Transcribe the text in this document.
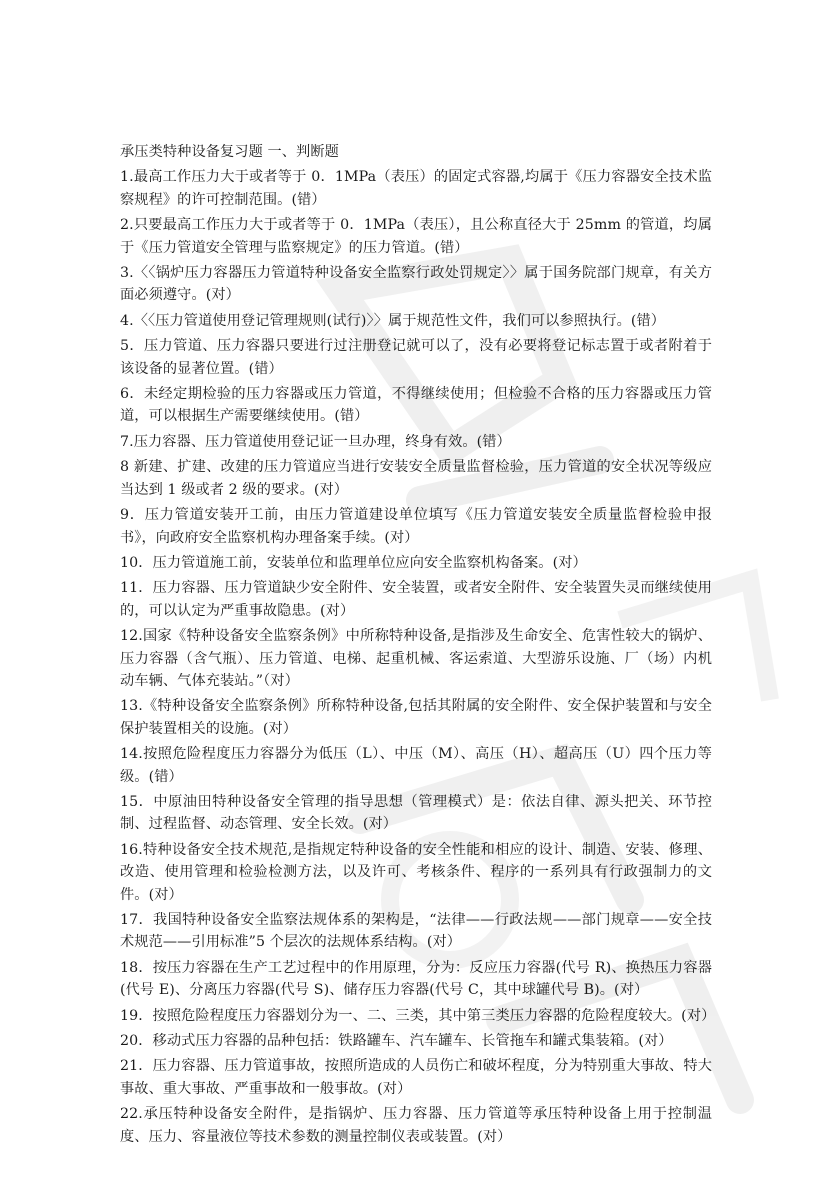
承压类特种设备复习题 一、判断题
1.最高工作压力大于或者等于 0．1MPa（表压）的固定式容器,均属于《压力容器安全技术监察规程》的许可控制范围。(错）
2.只要最高工作压力大于或者等于 0．1MPa（表压），且公称直径大于 25mm 的管道，均属于《压力管道安全管理与监察规定》的压力管道。(错）
3.〈〈锅炉压力容器压力管道特种设备安全监察行政处罚规定〉〉属于国务院部门规章，有关方面必须遵守。(对）
4.〈〈压力管道使用登记管理规则(试行)〉〉属于规范性文件，我们可以参照执行。(错）
5．压力管道、压力容器只要进行过注册登记就可以了，没有必要将登记标志置于或者附着于该设备的显著位置。(错）
6．未经定期检验的压力容器或压力管道，不得继续使用；但检验不合格的压力容器或压力管道，可以根据生产需要继续使用。(错）
7.压力容器、压力管道使用登记证一旦办理，终身有效。(错）
8 新建、扩建、改建的压力管道应当进行安装安全质量监督检验，压力管道的安全状况等级应当达到 1 级或者 2 级的要求。(对）
9．压力管道安装开工前，由压力管道建设单位填写《压力管道安装安全质量监督检验申报书》，向政府安全监察机构办理备案手续。(对）
10．压力管道施工前，安装单位和监理单位应向安全监察机构备案。(对）
11．压力容器、压力管道缺少安全附件、安全装置，或者安全附件、安全装置失灵而继续使用的，可以认定为严重事故隐患。(对）
12.国家《特种设备安全监察条例》中所称特种设备,是指涉及生命安全、危害性较大的锅炉、压力容器（含气瓶）、压力管道、电梯、起重机械、客运索道、大型游乐设施、厂（场）内机动车辆、气体充装站。”（对）
13.《特种设备安全监察条例》所称特种设备,包括其附属的安全附件、安全保护装置和与安全保护装置相关的设施。(对）
14.按照危险程度压力容器分为低压（L）、中压（M）、高压（H）、超高压（U）四个压力等级。(错）
15．中原油田特种设备安全管理的指导思想（管理模式）是：依法自律、源头把关、环节控制、过程监督、动态管理、安全长效。(对）
16.特种设备安全技术规范,是指规定特种设备的安全性能和相应的设计、制造、安装、修理、改造、使用管理和检验检测方法，以及许可、考核条件、程序的一系列具有行政强制力的文件。(对）
17．我国特种设备安全监察法规体系的架构是，“法律——行政法规——部门规章——安全技术规范——引用标准”5 个层次的法规体系结构。(对）
18．按压力容器在生产工艺过程中的作用原理，分为：反应压力容器(代号 R)、换热压力容器(代号 E)、分离压力容器(代号 S)、储存压力容器(代号 C，其中球罐代号 B)。(对）
19．按照危险程度压力容器划分为一、二、三类，其中第三类压力容器的危险程度较大。(对）
20．移动式压力容器的品种包括：铁路罐车、汽车罐车、长管拖车和罐式集装箱。(对）
21．压力容器、压力管道事故，按照所造成的人员伤亡和破坏程度，分为特别重大事故、特大事故、重大事故、严重事故和一般事故。(对）
22.承压特种设备安全附件，是指锅炉、压力容器、压力管道等承压特种设备上用于控制温度、压力、容量液位等技术参数的测量控制仪表或装置。(对）
